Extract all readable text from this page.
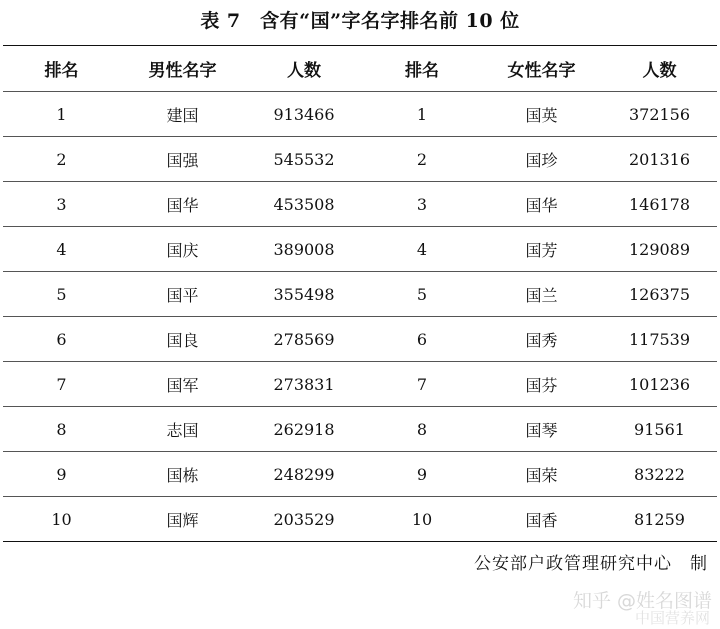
表 7　含有“国”字名字排名前 10 位
排名	男性名字	人数	排名	女性名字	人数
1	建国	913466	1	国英	372156
2	国强	545532	2	国珍	201316
3	国华	453508	3	国华	146178
4	国庆	389008	4	国芳	129089
5	国平	355498	5	国兰	126375
6	国良	278569	6	国秀	117539
7	国军	273831	7	国芬	101236
8	志国	262918	8	国琴	91561
9	国栋	248299	9	国荣	83222
10	国辉	203529	10	国香	81259
公安部户政管理研究中心　制
知乎 @姓名图谱
中国营养网
